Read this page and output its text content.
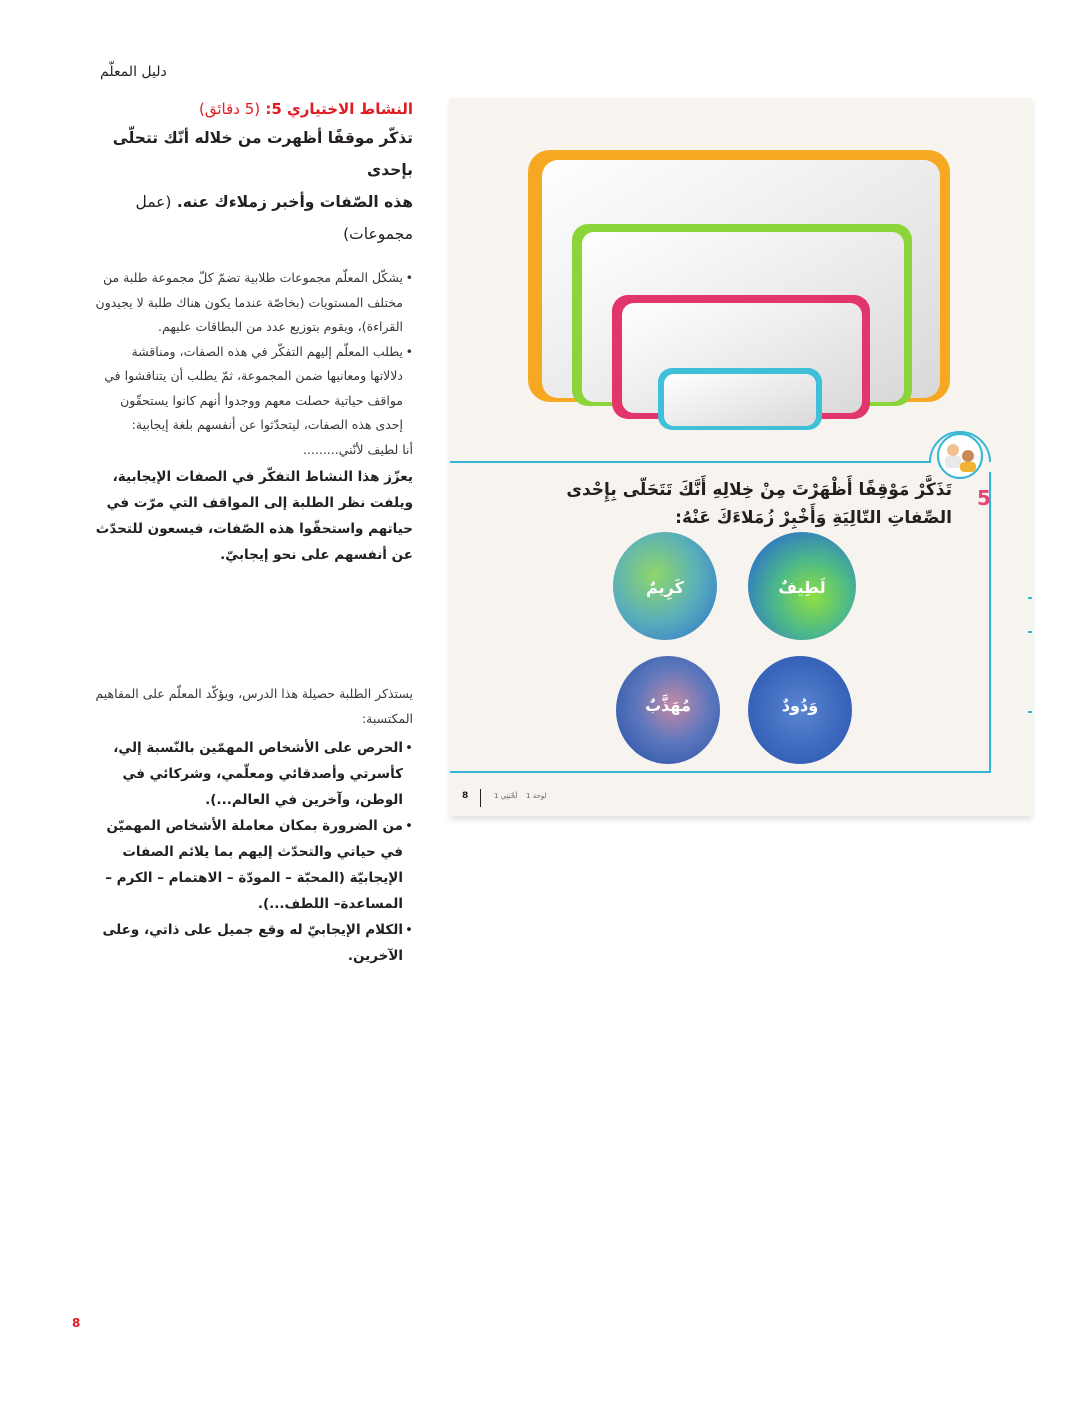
دليل المعلّم

النشاط الاختياري 5: (5 دقائق)

تذكّر موقفًا أظهرت من خلاله أنّك تتحلّى بإحدى
هذه الصّفات وأخبر زملاءك عنه. (عمل مجموعات)

• يشكّل المعلّم مجموعات طلابية تضمّ كلّ مجموعة طلبة من مختلف المستويات (بخاصّة عندما يكون هناك طلبة لا يجيدون القراءة)، ويقوم بتوزيع عدد من البطاقات عليهم.
• يطلب المعلّم إليهم التفكّر في هذه الصفات، ومناقشة دلالاتها ومعانيها ضمن المجموعة، ثمّ يطلب أن يتناقشوا في مواقف حياتية حصلت معهم ووجدوا أنهم كانوا يستحقّون إحدى هذه الصفات، ليتحدّثوا عن أنفسهم بلغة إيجابية:

أنا لطيف لأنّني.........

يعزّز هذا النشاط التفكّر في الصفات الإيجابية، ويلفت نظر الطلبة إلى المواقف التي مرّت في حياتهم واستحقّوا هذه الصّفات، فيسعون للتحدّث عن أنفسهم على نحو إيجابيّ.

يستذكر الطلبة حصيلة هذا الدرس، ويؤكّد المعلّم على المفاهيم المكتسبة:

• الحرص على الأشخاص المهمّين بالنّسبة إلي، كأسرتي وأصدقائي ومعلّمي، وشركائي في الوطن، وآخرين في العالم...).
• من الضرورة بمكان معاملة الأشخاص المهميّن في حياتي والتحدّث إليهم بما يلائم الصفات الإيجابيّة (المحبّة – المودّة – الاهتمام – الكرم – المساعدة– اللطف...).
• الكلام الإيجابيّ له وقع جميل على ذاتي، وعلى الآخرين.
8
5
تَذَكَّرْ مَوْقِفًا أَظْهَرْتَ مِنْ خِلالِهِ أَنَّكَ تَتَحَلّى بِإِحْدى الصِّفاتِ التّالِيَةِ وَأَخْبِرْ زُمَلاءَكَ عَنْهُ:
كَرِيمٌ	لَطِيفٌ
مُهَذَّبٌ	وَدُودٌ
8	لَحْبَتِي 1 لوحة 1
